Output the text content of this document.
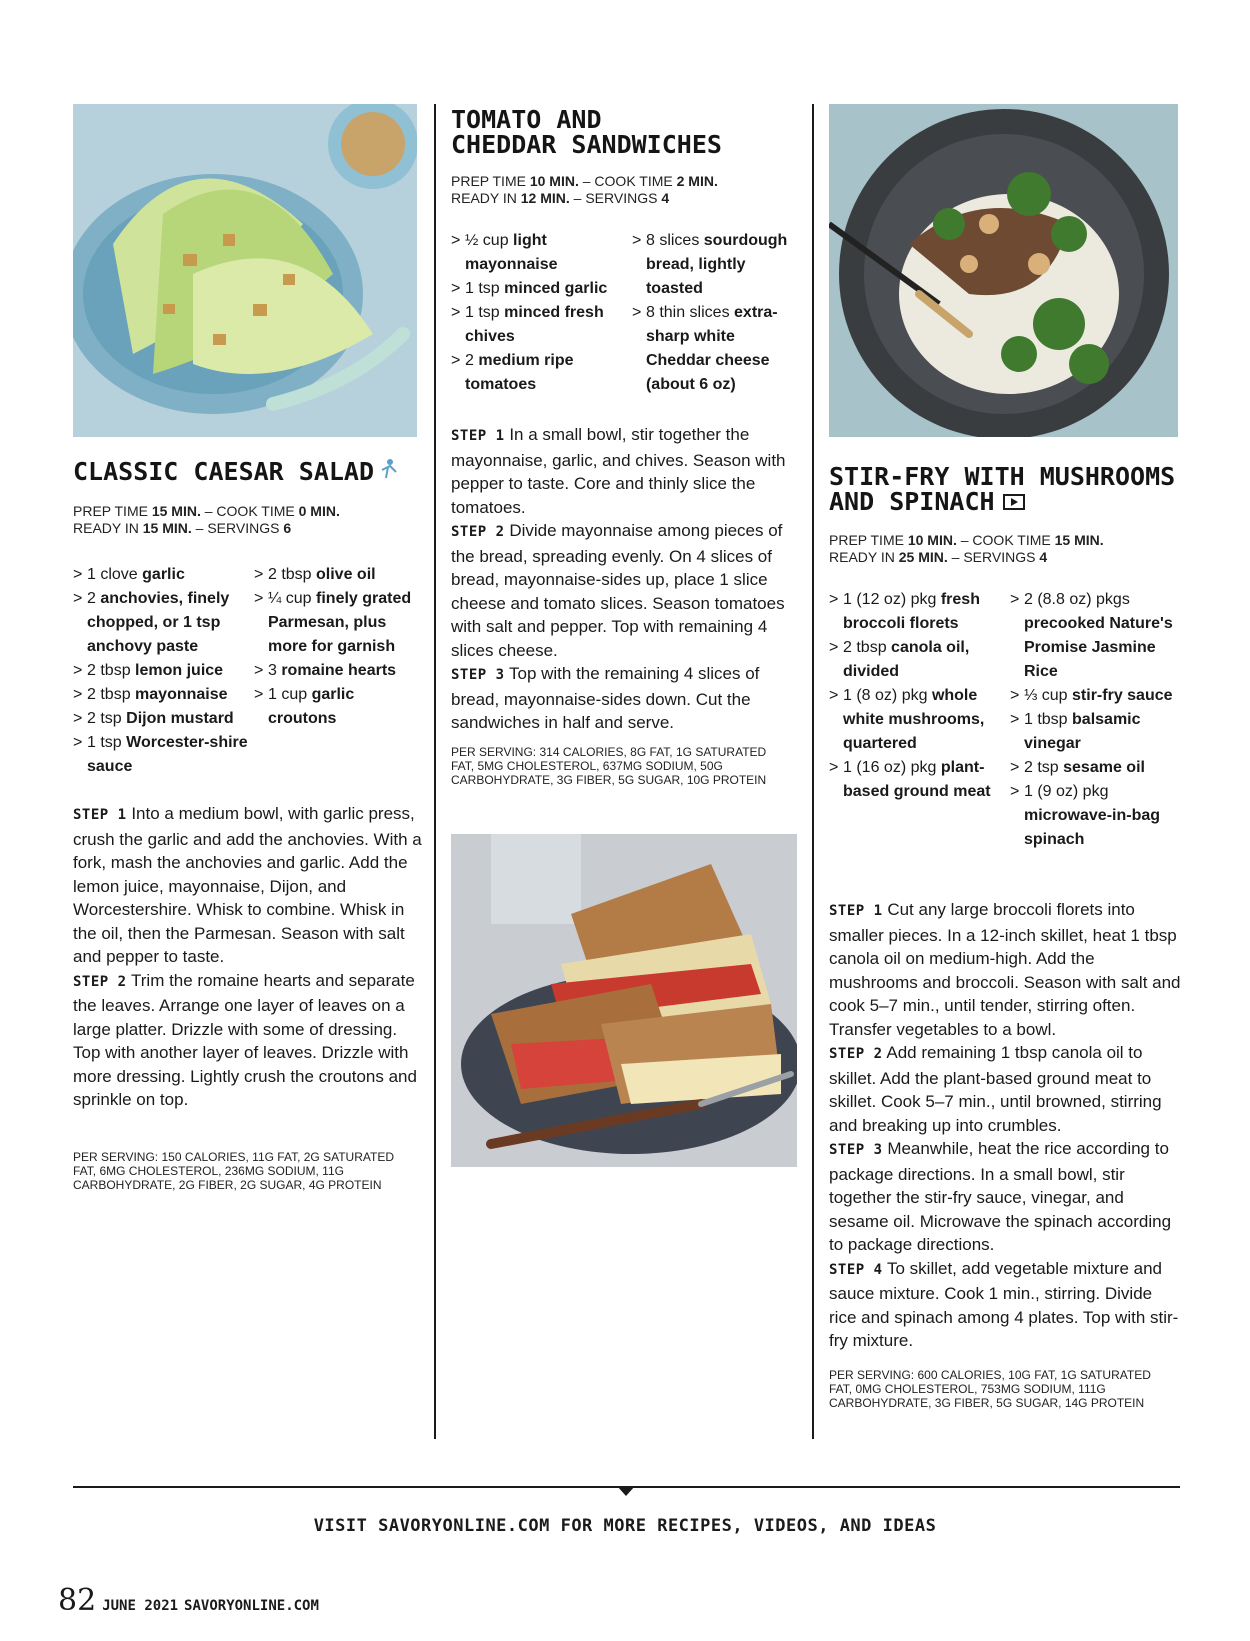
CLASSIC CAESAR SALAD
PREP TIME 15 MIN. – COOK TIME 0 MIN.
READY IN 15 MIN. – SERVINGS 6
> 1 clove garlic
> 2 anchovies, finely chopped, or 1 tsp anchovy paste
> 2 tbsp lemon juice
> 2 tbsp mayonnaise
> 2 tsp Dijon mustard
> 1 tsp Worcester-shire sauce
> 2 tbsp olive oil
> ¼ cup finely grated Parmesan, plus more for garnish
> 3 romaine hearts
> 1 cup garlic croutons

STEP 1 Into a medium bowl, with garlic press, crush the garlic and add the anchovies. With a fork, mash the anchovies and garlic. Add the lemon juice, mayonnaise, Dijon, and Worcestershire. Whisk to combine. Whisk in the oil, then the Parmesan. Season with salt and pepper to taste.

STEP 2 Trim the romaine hearts and separate the leaves. Arrange one layer of leaves on a large platter. Drizzle with some of dressing. Top with another layer of leaves. Drizzle with more dressing. Lightly crush the croutons and sprinkle on top.

PER SERVING: 150 CALORIES, 11G FAT, 2G SATURATED FAT, 6MG CHOLESTEROL, 236MG SODIUM, 11G CARBOHYDRATE, 2G FIBER, 2G SUGAR, 4G PROTEIN
TOMATO AND
CHEDDAR SANDWICHES
PREP TIME 10 MIN. – COOK TIME 2 MIN.
READY IN 12 MIN. – SERVINGS 4
> ½ cup light mayonnaise
> 1 tsp minced garlic
> 1 tsp minced fresh chives
> 2 medium ripe tomatoes
> 8 slices sourdough bread, lightly toasted
> 8 thin slices extra-sharp white Cheddar cheese (about 6 oz)

STEP 1 In a small bowl, stir together the mayonnaise, garlic, and chives. Season with pepper to taste. Core and thinly slice the tomatoes.

STEP 2 Divide mayonnaise among pieces of the bread, spreading evenly. On 4 slices of bread, mayonnaise-sides up, place 1 slice cheese and tomato slices. Season tomatoes with salt and pepper. Top with remaining 4 slices cheese.

STEP 3 Top with the remaining 4 slices of bread, mayonnaise-sides down. Cut the sandwiches in half and serve.

PER SERVING: 314 CALORIES, 8G FAT, 1G SATURATED FAT, 5MG CHOLESTEROL, 637MG SODIUM, 50G CARBOHYDRATE, 3G FIBER, 5G SUGAR, 10G PROTEIN
STIR-FRY WITH MUSHROOMS
AND SPINACH
PREP TIME 10 MIN. – COOK TIME 15 MIN.
READY IN 25 MIN. – SERVINGS 4
> 1 (12 oz) pkg fresh broccoli florets
> 2 tbsp canola oil, divided
> 1 (8 oz) pkg whole white mushrooms, quartered
> 1 (16 oz) pkg plant-based ground meat
> 2 (8.8 oz) pkgs precooked Nature's Promise Jasmine Rice
> ⅓ cup stir-fry sauce
> 1 tbsp balsamic vinegar
> 2 tsp sesame oil
> 1 (9 oz) pkg microwave-in-bag spinach

STEP 1 Cut any large broccoli florets into smaller pieces. In a 12-inch skillet, heat 1 tbsp canola oil on medium-high. Add the mushrooms and broccoli. Season with salt and cook 5–7 min., until tender, stirring often. Transfer vegetables to a bowl.

STEP 2 Add remaining 1 tbsp canola oil to skillet. Add the plant-based ground meat to skillet. Cook 5–7 min., until browned, stirring and breaking up into crumbles.

STEP 3 Meanwhile, heat the rice according to package directions. In a small bowl, stir together the stir-fry sauce, vinegar, and sesame oil. Microwave the spinach according to package directions.

STEP 4 To skillet, add vegetable mixture and sauce mixture. Cook 1 min., stirring. Divide rice and spinach among 4 plates. Top with stir-fry mixture.

PER SERVING: 600 CALORIES, 10G FAT, 1G SATURATED FAT, 0MG CHOLESTEROL, 753MG SODIUM, 111G CARBOHYDRATE, 3G FIBER, 5G SUGAR, 14G PROTEIN
VISIT SAVORYONLINE.COM FOR MORE RECIPES, VIDEOS, AND IDEAS
82 JUNE 2021 SAVORYONLINE.COM
